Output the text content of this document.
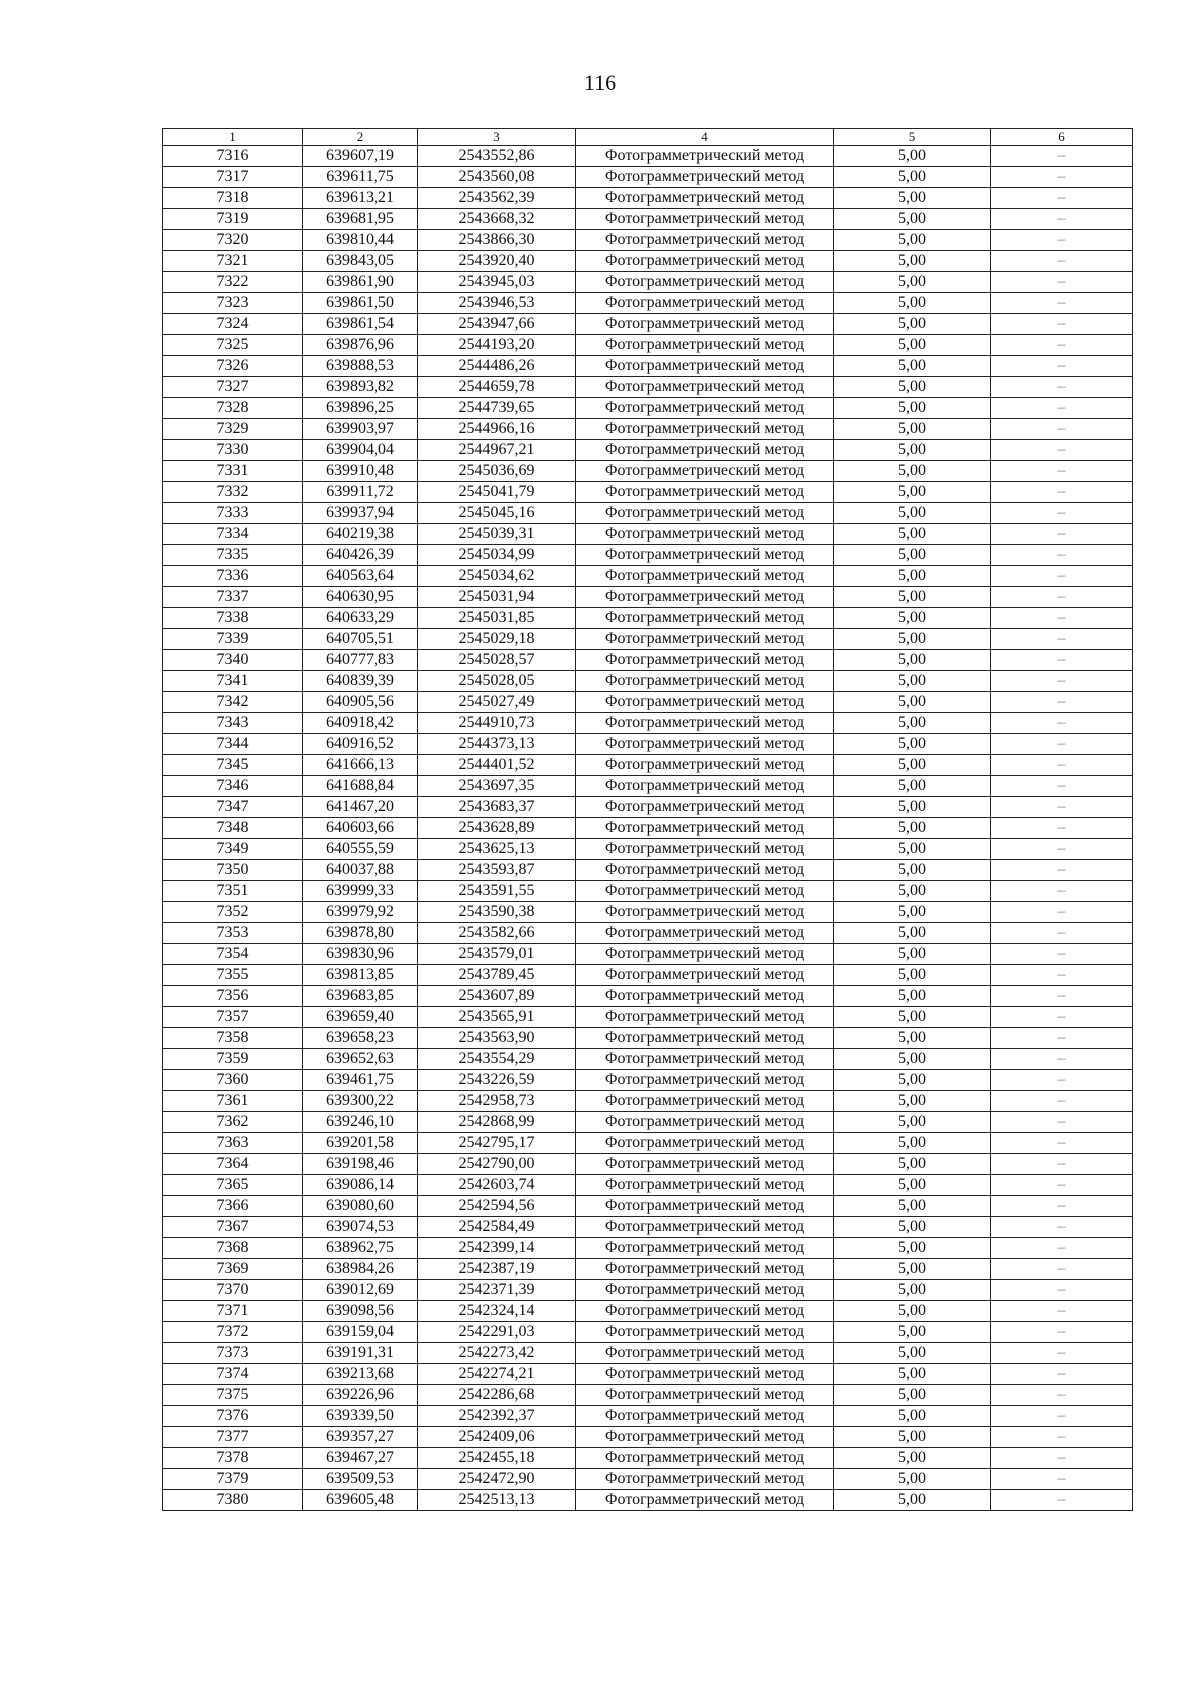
116
1	2	3	4	5	6
7316	639607,19	2543552,86	Фотограмметрический метод	5,00	–
7317	639611,75	2543560,08	Фотограмметрический метод	5,00	–
7318	639613,21	2543562,39	Фотограмметрический метод	5,00	–
7319	639681,95	2543668,32	Фотограмметрический метод	5,00	–
7320	639810,44	2543866,30	Фотограмметрический метод	5,00	–
7321	639843,05	2543920,40	Фотограмметрический метод	5,00	–
7322	639861,90	2543945,03	Фотограмметрический метод	5,00	–
7323	639861,50	2543946,53	Фотограмметрический метод	5,00	–
7324	639861,54	2543947,66	Фотограмметрический метод	5,00	–
7325	639876,96	2544193,20	Фотограмметрический метод	5,00	–
7326	639888,53	2544486,26	Фотограмметрический метод	5,00	–
7327	639893,82	2544659,78	Фотограмметрический метод	5,00	–
7328	639896,25	2544739,65	Фотограмметрический метод	5,00	–
7329	639903,97	2544966,16	Фотограмметрический метод	5,00	–
7330	639904,04	2544967,21	Фотограмметрический метод	5,00	–
7331	639910,48	2545036,69	Фотограмметрический метод	5,00	–
7332	639911,72	2545041,79	Фотограмметрический метод	5,00	–
7333	639937,94	2545045,16	Фотограмметрический метод	5,00	–
7334	640219,38	2545039,31	Фотограмметрический метод	5,00	–
7335	640426,39	2545034,99	Фотограмметрический метод	5,00	–
7336	640563,64	2545034,62	Фотограмметрический метод	5,00	–
7337	640630,95	2545031,94	Фотограмметрический метод	5,00	–
7338	640633,29	2545031,85	Фотограмметрический метод	5,00	–
7339	640705,51	2545029,18	Фотограмметрический метод	5,00	–
7340	640777,83	2545028,57	Фотограмметрический метод	5,00	–
7341	640839,39	2545028,05	Фотограмметрический метод	5,00	–
7342	640905,56	2545027,49	Фотограмметрический метод	5,00	–
7343	640918,42	2544910,73	Фотограмметрический метод	5,00	–
7344	640916,52	2544373,13	Фотограмметрический метод	5,00	–
7345	641666,13	2544401,52	Фотограмметрический метод	5,00	–
7346	641688,84	2543697,35	Фотограмметрический метод	5,00	–
7347	641467,20	2543683,37	Фотограмметрический метод	5,00	–
7348	640603,66	2543628,89	Фотограмметрический метод	5,00	–
7349	640555,59	2543625,13	Фотограмметрический метод	5,00	–
7350	640037,88	2543593,87	Фотограмметрический метод	5,00	–
7351	639999,33	2543591,55	Фотограмметрический метод	5,00	–
7352	639979,92	2543590,38	Фотограмметрический метод	5,00	–
7353	639878,80	2543582,66	Фотограмметрический метод	5,00	–
7354	639830,96	2543579,01	Фотограмметрический метод	5,00	–
7355	639813,85	2543789,45	Фотограмметрический метод	5,00	–
7356	639683,85	2543607,89	Фотограмметрический метод	5,00	–
7357	639659,40	2543565,91	Фотограмметрический метод	5,00	–
7358	639658,23	2543563,90	Фотограмметрический метод	5,00	–
7359	639652,63	2543554,29	Фотограмметрический метод	5,00	–
7360	639461,75	2543226,59	Фотограмметрический метод	5,00	–
7361	639300,22	2542958,73	Фотограмметрический метод	5,00	–
7362	639246,10	2542868,99	Фотограмметрический метод	5,00	–
7363	639201,58	2542795,17	Фотограмметрический метод	5,00	–
7364	639198,46	2542790,00	Фотограмметрический метод	5,00	–
7365	639086,14	2542603,74	Фотограмметрический метод	5,00	–
7366	639080,60	2542594,56	Фотограмметрический метод	5,00	–
7367	639074,53	2542584,49	Фотограмметрический метод	5,00	–
7368	638962,75	2542399,14	Фотограмметрический метод	5,00	–
7369	638984,26	2542387,19	Фотограмметрический метод	5,00	–
7370	639012,69	2542371,39	Фотограмметрический метод	5,00	–
7371	639098,56	2542324,14	Фотограмметрический метод	5,00	–
7372	639159,04	2542291,03	Фотограмметрический метод	5,00	–
7373	639191,31	2542273,42	Фотограмметрический метод	5,00	–
7374	639213,68	2542274,21	Фотограмметрический метод	5,00	–
7375	639226,96	2542286,68	Фотограмметрический метод	5,00	–
7376	639339,50	2542392,37	Фотограмметрический метод	5,00	–
7377	639357,27	2542409,06	Фотограмметрический метод	5,00	–
7378	639467,27	2542455,18	Фотограмметрический метод	5,00	–
7379	639509,53	2542472,90	Фотограмметрический метод	5,00	–
7380	639605,48	2542513,13	Фотограмметрический метод	5,00	–
